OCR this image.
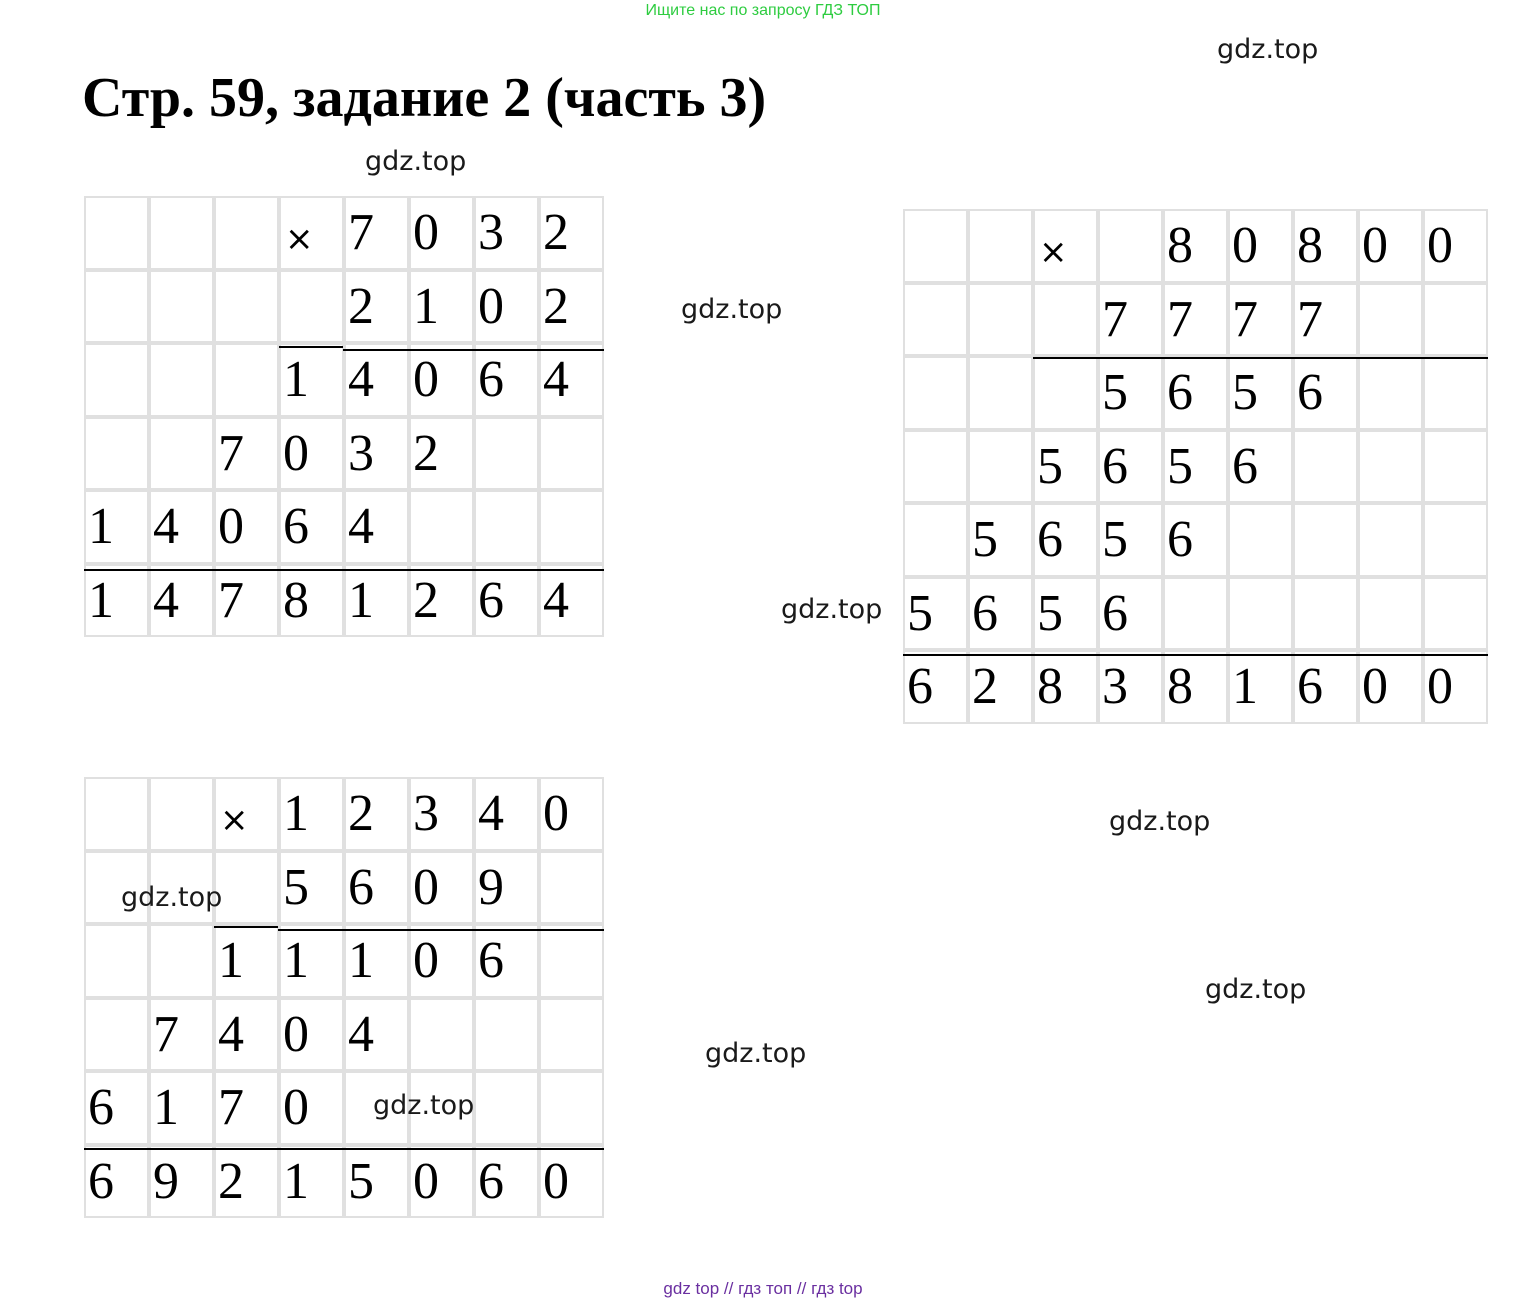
Ищите нас по запросу ГДЗ ТОП
Стр. 59, задание 2 (часть 3)
× 7 0 3 2
2 1 0 2
1 4 0 6 4
7 0 3 2
1 4 0 6 4
1 4 7 8 1 2 6 4
×	8 0 8 0 0
7 7 7 7
5 6 5 6
5 6 5 6
5 6 5 6
5 6 5 6
6 2 8 3 8 1 6 0 0
× 1 2 3 4 0
5 6 0 9
1 1 1 0 6
7 4 0 4
6 1 7 0
6 9 2 1 5 0 6 0
gdz.top
gdz.top
gdz.top
gdz.top
gdz.top
gdz.top
gdz.top
gdz.top
gdz.top
gdz top // гдз топ // гдз top
